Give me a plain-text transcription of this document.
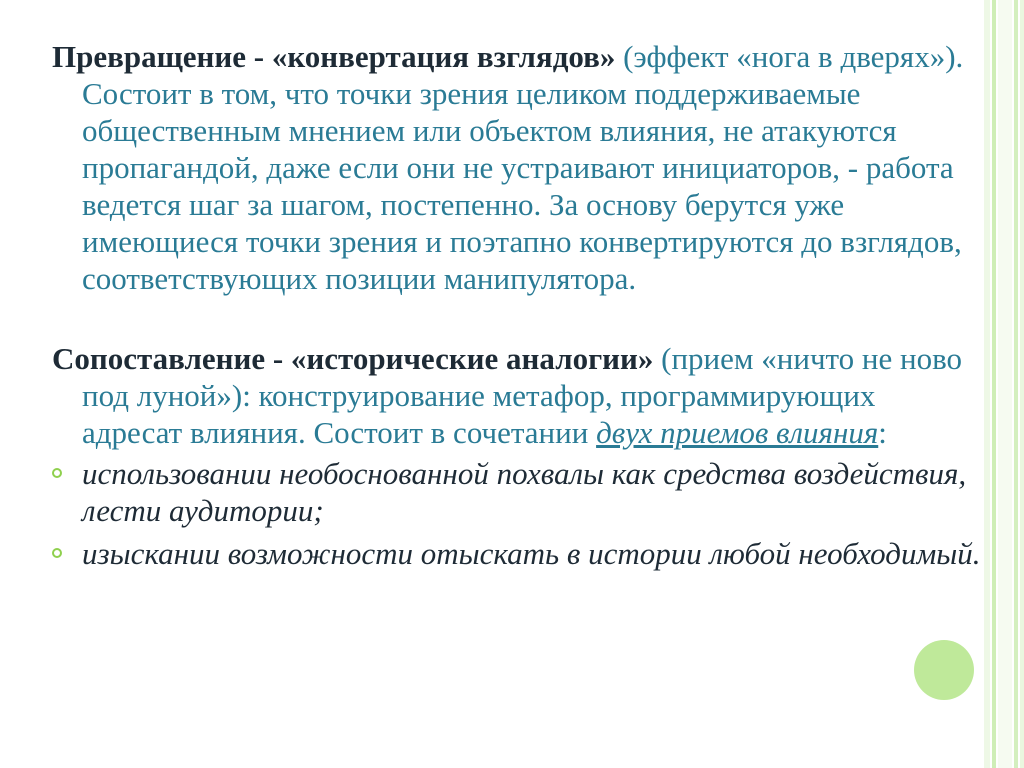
Превращение - «конвертация взглядов» (эффект «нога в дверях»). Состоит в том, что точки зрения целиком поддерживаемые общественным мнением или объектом влияния, не атакуются пропагандой, даже если они не устраивают инициаторов, - работа ведется шаг за шагом, постепенно. За основу берутся уже имеющиеся точки зрения и поэтапно конвертируются до взглядов, соответствующих позиции манипулятора.
Сопоставление - «исторические аналогии» (прием «ничто не ново под луной»): конструирование метафор, программирующих адресат влияния. Состоит в сочетании двух приемов влияния:
использовании необоснованной похвалы как средства воздействия, лести аудитории;
изыскании возможности отыскать в истории любой необходимый.
